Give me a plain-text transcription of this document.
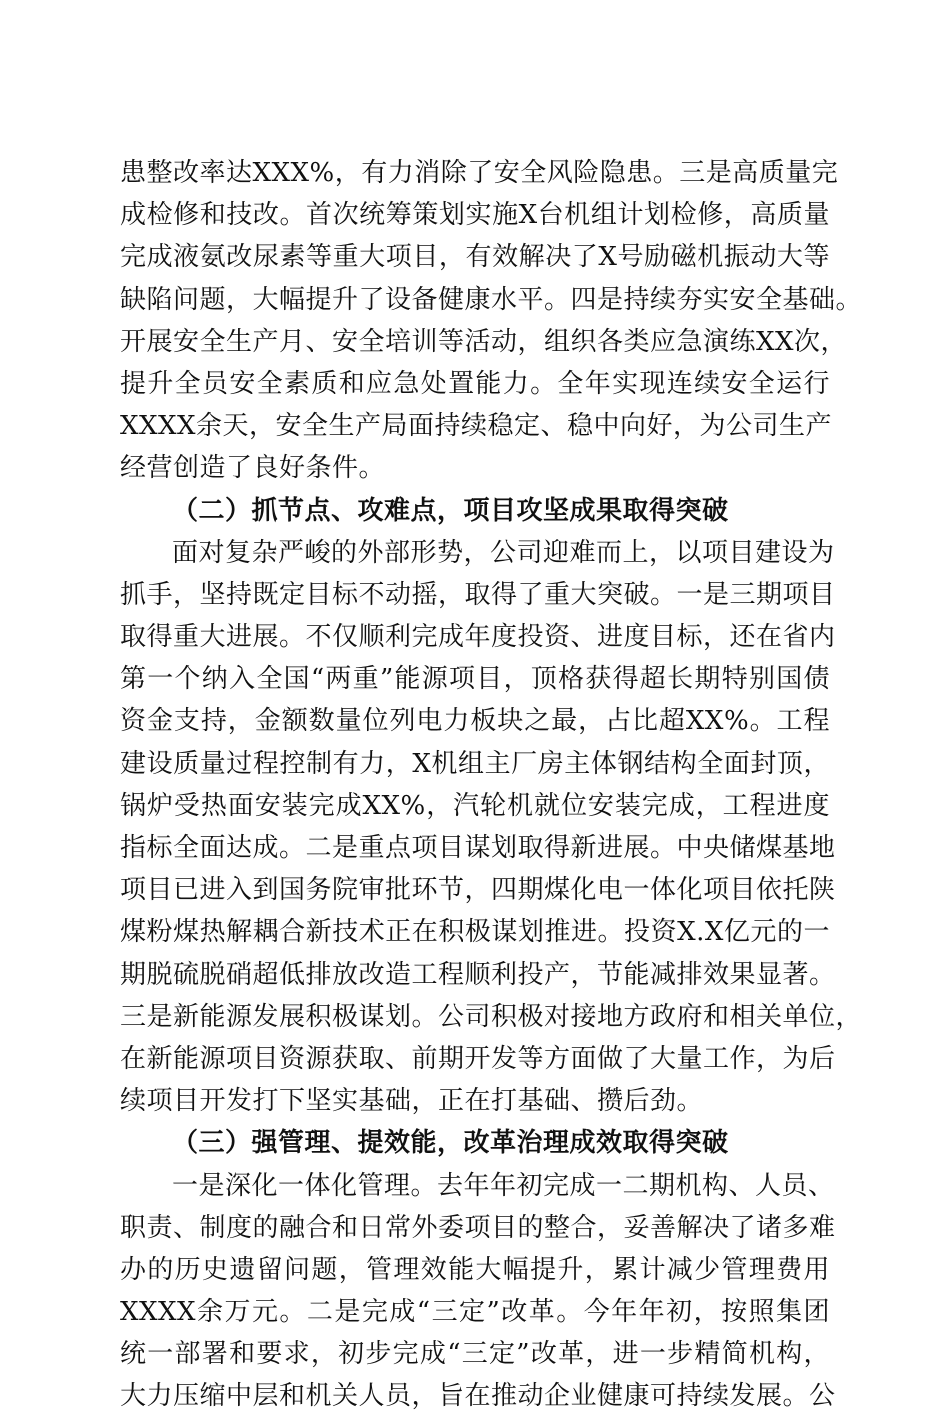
患整改率达XXX%，有力消除了安全风险隐患。三是高质量完
成检修和技改。首次统筹策划实施X台机组计划检修，高质量
完成液氨改尿素等重大项目，有效解决了X号励磁机振动大等
缺陷问题，大幅提升了设备健康水平。四是持续夯实安全基础。
开展安全生产月、安全培训等活动，组织各类应急演练XX次，
提升全员安全素质和应急处置能力。全年实现连续安全运行
XXXX余天，安全生产局面持续稳定、稳中向好，为公司生产
经营创造了良好条件。
（二）抓节点、攻难点，项目攻坚成果取得突破
面对复杂严峻的外部形势，公司迎难而上，以项目建设为
抓手，坚持既定目标不动摇，取得了重大突破。一是三期项目
取得重大进展。不仅顺利完成年度投资、进度目标，还在省内
第一个纳入全国“两重”能源项目，顶格获得超长期特别国债
资金支持，金额数量位列电力板块之最，占比超XX%。工程
建设质量过程控制有力，X机组主厂房主体钢结构全面封顶，
锅炉受热面安装完成XX%，汽轮机就位安装完成，工程进度
指标全面达成。二是重点项目谋划取得新进展。中央储煤基地
项目已进入到国务院审批环节，四期煤化电一体化项目依托陕
煤粉煤热解耦合新技术正在积极谋划推进。投资X.X亿元的一
期脱硫脱硝超低排放改造工程顺利投产，节能减排效果显著。
三是新能源发展积极谋划。公司积极对接地方政府和相关单位，
在新能源项目资源获取、前期开发等方面做了大量工作，为后
续项目开发打下坚实基础，正在打基础、攒后劲。
（三）强管理、提效能，改革治理成效取得突破
一是深化一体化管理。去年年初完成一二期机构、人员、
职责、制度的融合和日常外委项目的整合，妥善解决了诸多难
办的历史遗留问题，管理效能大幅提升，累计减少管理费用
XXXX余万元。二是完成“三定”改革。今年年初，按照集团
统一部署和要求，初步完成“三定”改革，进一步精简机构，
大力压缩中层和机关人员，旨在推动企业健康可持续发展。公
